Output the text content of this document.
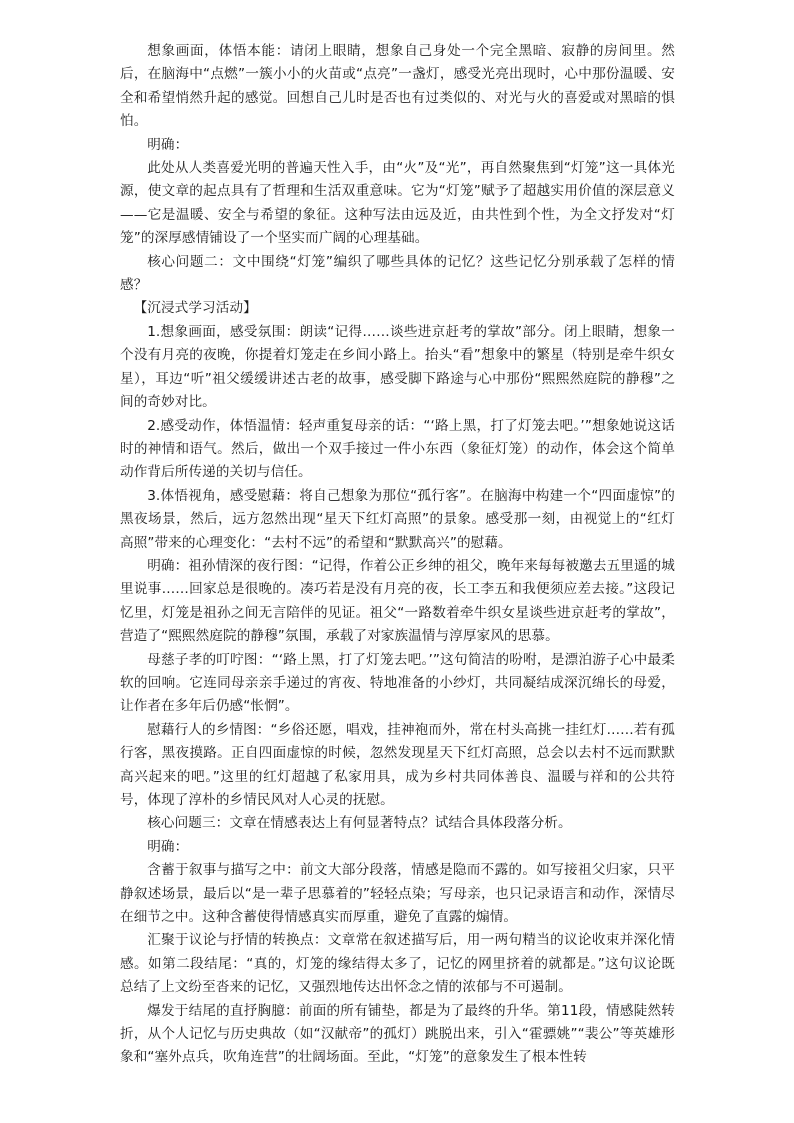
想象画面，体悟本能：请闭上眼睛，想象自己身处一个完全黑暗、寂静的房间里。然后，在脑海中“点燃”一簇小小的火苗或“点亮”一盏灯，感受光亮出现时，心中那份温暖、安全和希望悄然升起的感觉。回想自己儿时是否也有过类似的、对光与火的喜爱或对黑暗的惧怕。

明确：

此处从人类喜爱光明的普遍天性入手，由“火”及“光”，再自然聚焦到“灯笼”这一具体光源，使文章的起点具有了哲理和生活双重意味。它为“灯笼”赋予了超越实用价值的深层意义——它是温暖、安全与希望的象征。这种写法由远及近，由共性到个性，为全文抒发对“灯笼”的深厚感情铺设了一个坚实而广阔的心理基础。

核心问题二：文中围绕“灯笼”编织了哪些具体的记忆？这些记忆分别承载了怎样的情感？

【沉浸式学习活动】

1.想象画面，感受氛围：朗读“记得……谈些进京赶考的掌故”部分。闭上眼睛，想象一个没有月亮的夜晚，你提着灯笼走在乡间小路上。抬头“看”想象中的繁星（特别是牵牛织女星），耳边“听”祖父缓缓讲述古老的故事，感受脚下路途与心中那份“熙熙然庭院的静穆”之间的奇妙对比。

2.感受动作，体悟温情：轻声重复母亲的话：“‘路上黑，打了灯笼去吧。’”想象她说这话时的神情和语气。然后，做出一个双手接过一件小东西（象征灯笼）的动作，体会这个简单动作背后所传递的关切与信任。

3.体悟视角，感受慰藉：将自己想象为那位“孤行客”。在脑海中构建一个“四面虚惊”的黑夜场景，然后，远方忽然出现“星天下红灯高照”的景象。感受那一刻，由视觉上的“红灯高照”带来的心理变化：“去村不远”的希望和“默默高兴”的慰藉。

明确：祖孙情深的夜行图：“记得，作着公正乡绅的祖父，晚年来每每被邀去五里遥的城里说事……回家总是很晚的。凑巧若是没有月亮的夜，长工李五和我便须应差去接。”这段记忆里，灯笼是祖孙之间无言陪伴的见证。祖父“一路数着牵牛织女星谈些进京赶考的掌故”，营造了“熙熙然庭院的静穆”氛围，承载了对家族温情与淳厚家风的思慕。

母慈子孝的叮咛图：“‘路上黑，打了灯笼去吧。’”这句简洁的吩咐，是漂泊游子心中最柔软的回响。它连同母亲亲手递过的宵夜、特地准备的小纱灯，共同凝结成深沉绵长的母爱，让作者在多年后仍感“怅惘”。

慰藉行人的乡情图：“乡俗还愿，唱戏，挂神袍而外，常在村头高挑一挂红灯……若有孤行客，黑夜摸路。正自四面虚惊的时候，忽然发现星天下红灯高照，总会以去村不远而默默高兴起来的吧。”这里的红灯超越了私家用具，成为乡村共同体善良、温暖与祥和的公共符号，体现了淳朴的乡情民风对人心灵的抚慰。

核心问题三：文章在情感表达上有何显著特点？试结合具体段落分析。

明确：

含蓄于叙事与描写之中：前文大部分段落，情感是隐而不露的。如写接祖父归家，只平静叙述场景，最后以“是一辈子思慕着的”轻轻点染；写母亲，也只记录语言和动作，深情尽在细节之中。这种含蓄使得情感真实而厚重，避免了直露的煽情。

汇聚于议论与抒情的转换点：文章常在叙述描写后，用一两句精当的议论收束并深化情感。如第二段结尾：“真的，灯笼的缘结得太多了，记忆的网里挤着的就都是。”这句议论既总结了上文纷至沓来的记忆，又强烈地传达出怀念之情的浓郁与不可遏制。

爆发于结尾的直抒胸臆：前面的所有铺垫，都是为了最终的升华。第11段，情感陡然转折，从个人记忆与历史典故（如“汉献帝”的孤灯）跳脱出来，引入“霍骠姚”“裴公”等英雄形象和“塞外点兵，吹角连营”的壮阔场面。至此，“灯笼”的意象发生了根本性转
